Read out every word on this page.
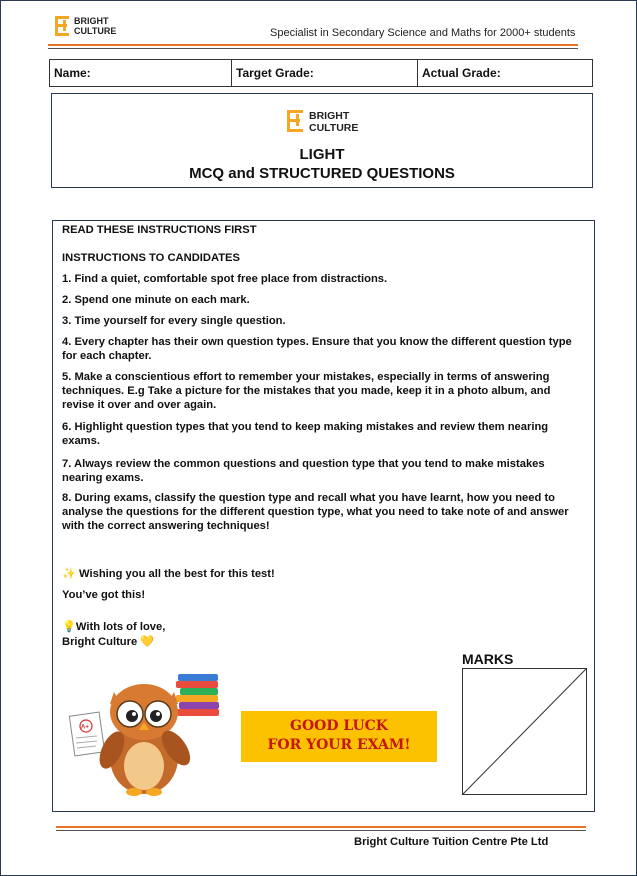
BRIGHT
CULTURE	Specialist in Secondary Science and Maths for 2000+ students
Name:	Target Grade:	Actual Grade:
BRIGHT
CULTURE
LIGHT
MCQ and STRUCTURED QUESTIONS
READ THESE INSTRUCTIONS FIRST
INSTRUCTIONS TO CANDIDATES
1. Find a quiet, comfortable spot free place from distractions.
2. Spend one minute on each mark.
3. Time yourself for every single question.
4. Every chapter has their own question types. Ensure that you know the different question type for each chapter.
5. Make a conscientious effort to remember your mistakes, especially in terms of answering techniques. E.g Take a picture for the mistakes that you made, keep it in a photo album, and revise it over and over again.
6. Highlight question types that you tend to keep making mistakes and review them nearing exams.
7. Always review the common questions and question type that you tend to make mistakes nearing exams.
8. During exams, classify the question type and recall what you have learnt, how you need to analyse the questions for the different question type, what you need to take note of and answer with the correct answering techniques!
✨ Wishing you all the best for this test!
You’ve got this!
💡With lots of love,
Bright Culture 💛
A+	GOOD LUCK
FOR YOUR EXAM!
MARKS
Bright Culture Tuition Centre Pte Ltd
